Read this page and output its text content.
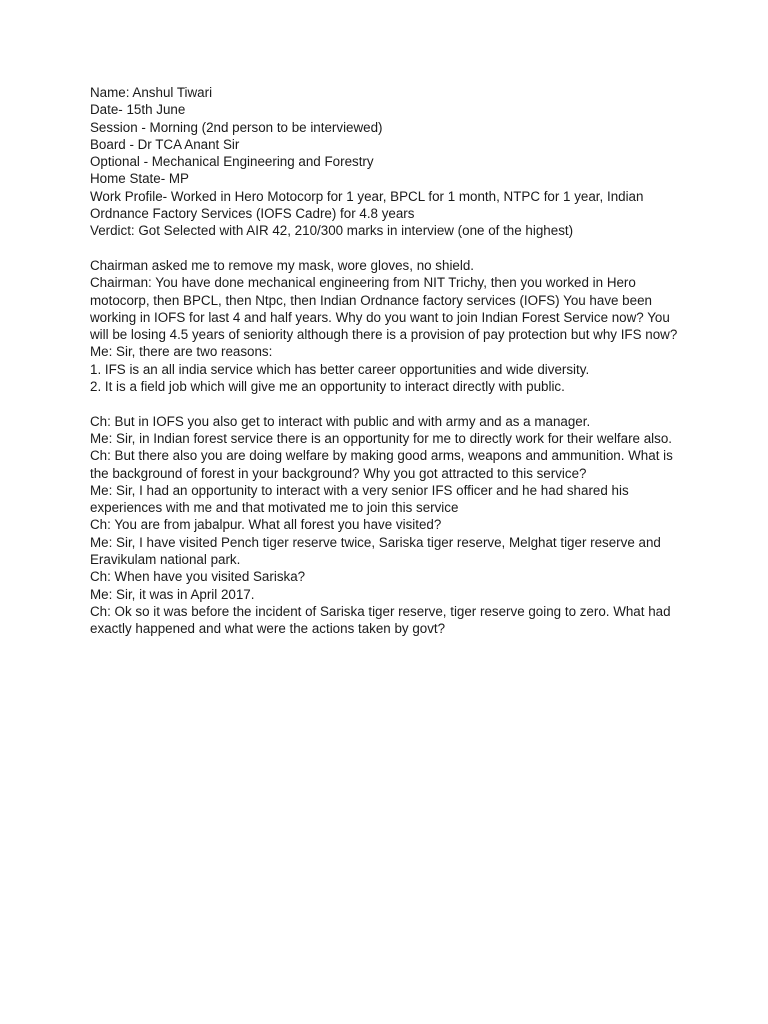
Name: Anshul Tiwari

Date- 15th June

Session - Morning (2nd person to be interviewed)

Board - Dr TCA Anant Sir

Optional - Mechanical Engineering and Forestry

Home State- MP

Work Profile- Worked in Hero Motocorp for 1 year, BPCL for 1 month, NTPC for 1 year, Indian Ordnance Factory Services (IOFS Cadre) for 4.8 years

Verdict: Got Selected with AIR 42, 210/300 marks in interview (one of the highest)

Chairman asked me to remove my mask, wore gloves, no shield.

Chairman: You have done mechanical engineering from NIT Trichy, then you worked in Hero motocorp, then BPCL, then Ntpc, then Indian Ordnance factory services (IOFS) You have been working in IOFS for last 4 and half years. Why do you want to join Indian Forest Service now? You will be losing 4.5 years of seniority although there is a provision of pay protection but why IFS now?

Me: Sir, there are two reasons:

1. IFS is an all india service which has better career opportunities and wide diversity.

2. It is a field job which will give me an opportunity to interact directly with public.

Ch: But in IOFS you also get to interact with public and with army and as a manager.

Me: Sir, in Indian forest service there is an opportunity for me to directly work for their welfare also.

Ch: But there also you are doing welfare by making good arms, weapons and ammunition. What is the background of forest in your background? Why you got attracted to this service?

Me: Sir, I had an opportunity to interact with a very senior IFS officer and he had shared his experiences with me and that motivated me to join this service

Ch: You are from jabalpur. What all forest you have visited?

Me: Sir, I have visited Pench tiger reserve twice, Sariska tiger reserve, Melghat tiger reserve and Eravikulam national park.

Ch: When have you visited Sariska?

Me: Sir, it was in April 2017.

Ch: Ok so it was before the incident of Sariska tiger reserve, tiger reserve going to zero. What had exactly happened and what were the actions taken by govt?
